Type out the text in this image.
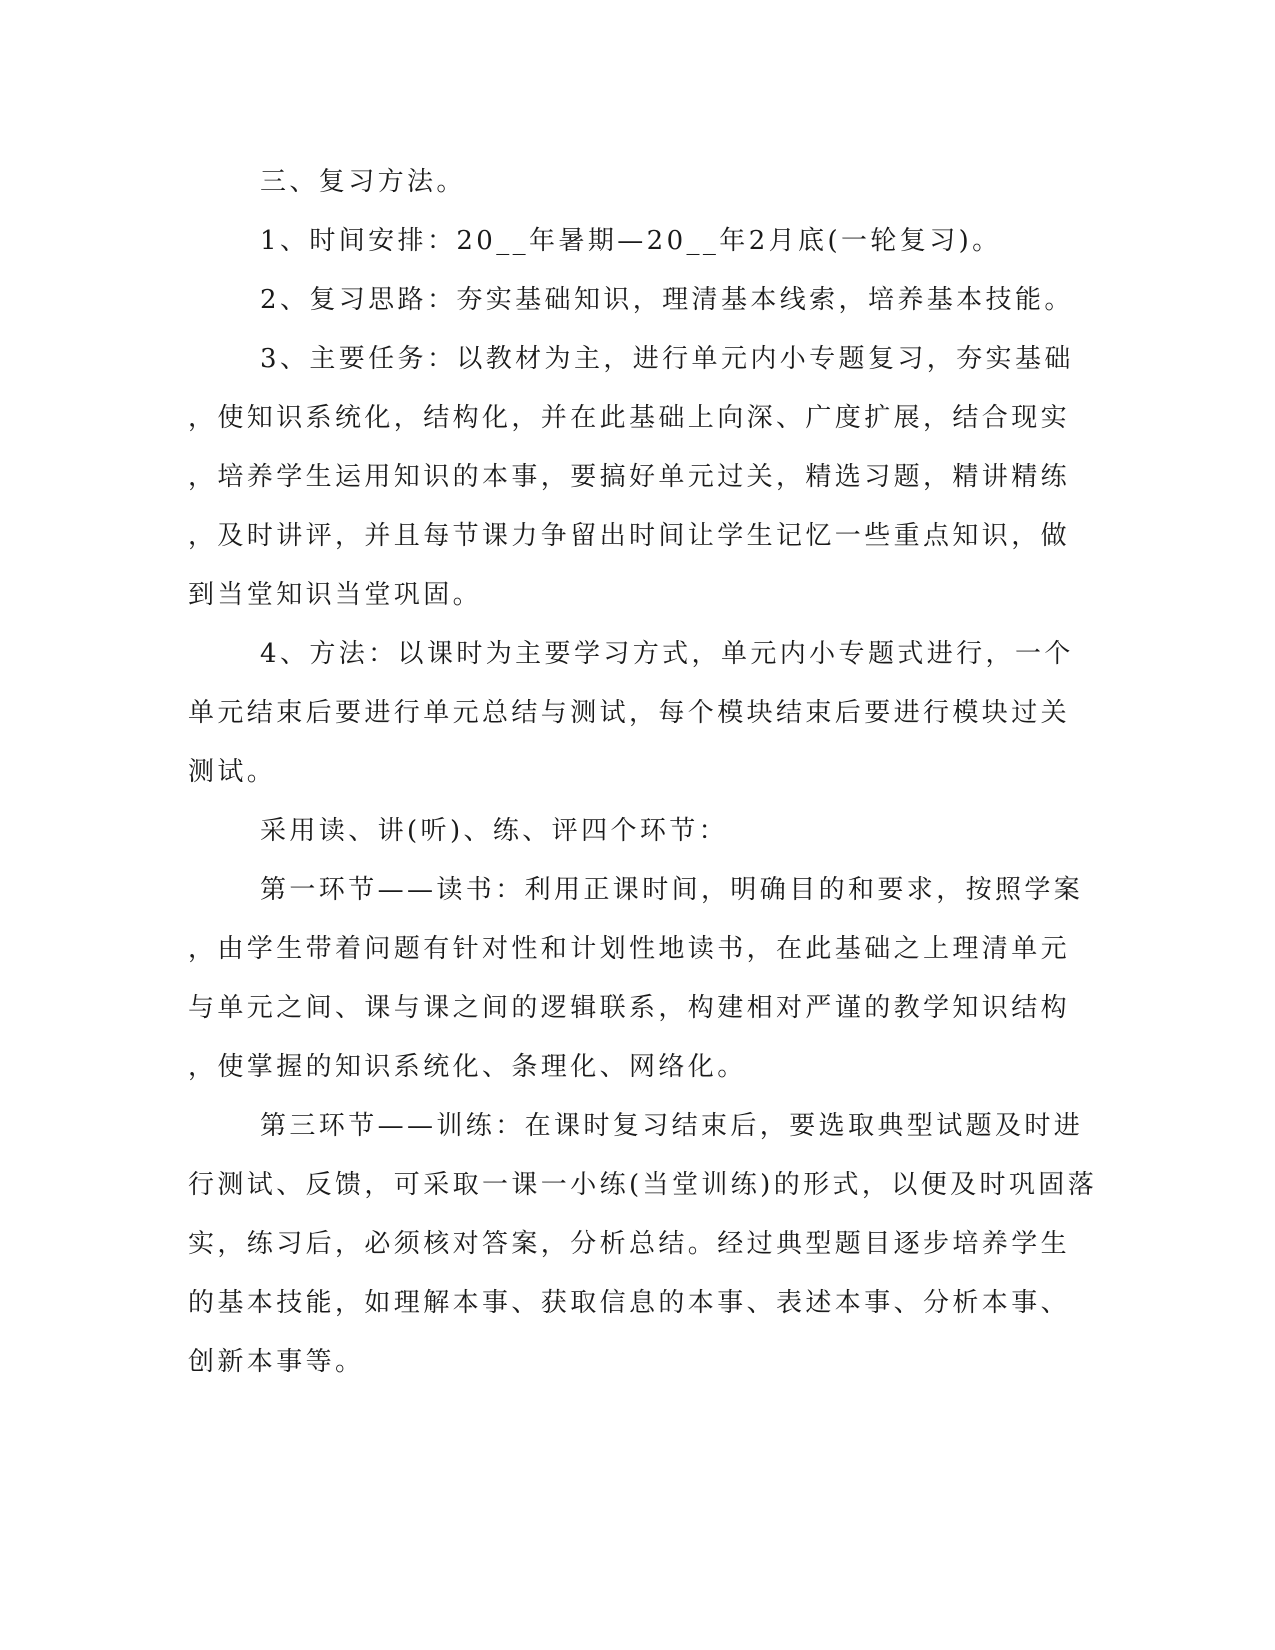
三、复习方法。
1、时间安排：20__年暑期—20__年2月底(一轮复习)。
2、复习思路：夯实基础知识，理清基本线索，培养基本技能。
3、主要任务：以教材为主，进行单元内小专题复习，夯实基础
，使知识系统化，结构化，并在此基础上向深、广度扩展，结合现实
，培养学生运用知识的本事，要搞好单元过关，精选习题，精讲精练
，及时讲评，并且每节课力争留出时间让学生记忆一些重点知识，做
到当堂知识当堂巩固。
4、方法：以课时为主要学习方式，单元内小专题式进行，一个
单元结束后要进行单元总结与测试，每个模块结束后要进行模块过关
测试。
采用读、讲(听)、练、评四个环节：
第一环节——读书：利用正课时间，明确目的和要求，按照学案
，由学生带着问题有针对性和计划性地读书，在此基础之上理清单元
与单元之间、课与课之间的逻辑联系，构建相对严谨的教学知识结构
，使掌握的知识系统化、条理化、网络化。
第三环节——训练：在课时复习结束后，要选取典型试题及时进
行测试、反馈，可采取一课一小练(当堂训练)的形式，以便及时巩固落
实，练习后，必须核对答案，分析总结。经过典型题目逐步培养学生
的基本技能，如理解本事、获取信息的本事、表述本事、分析本事、
创新本事等。
